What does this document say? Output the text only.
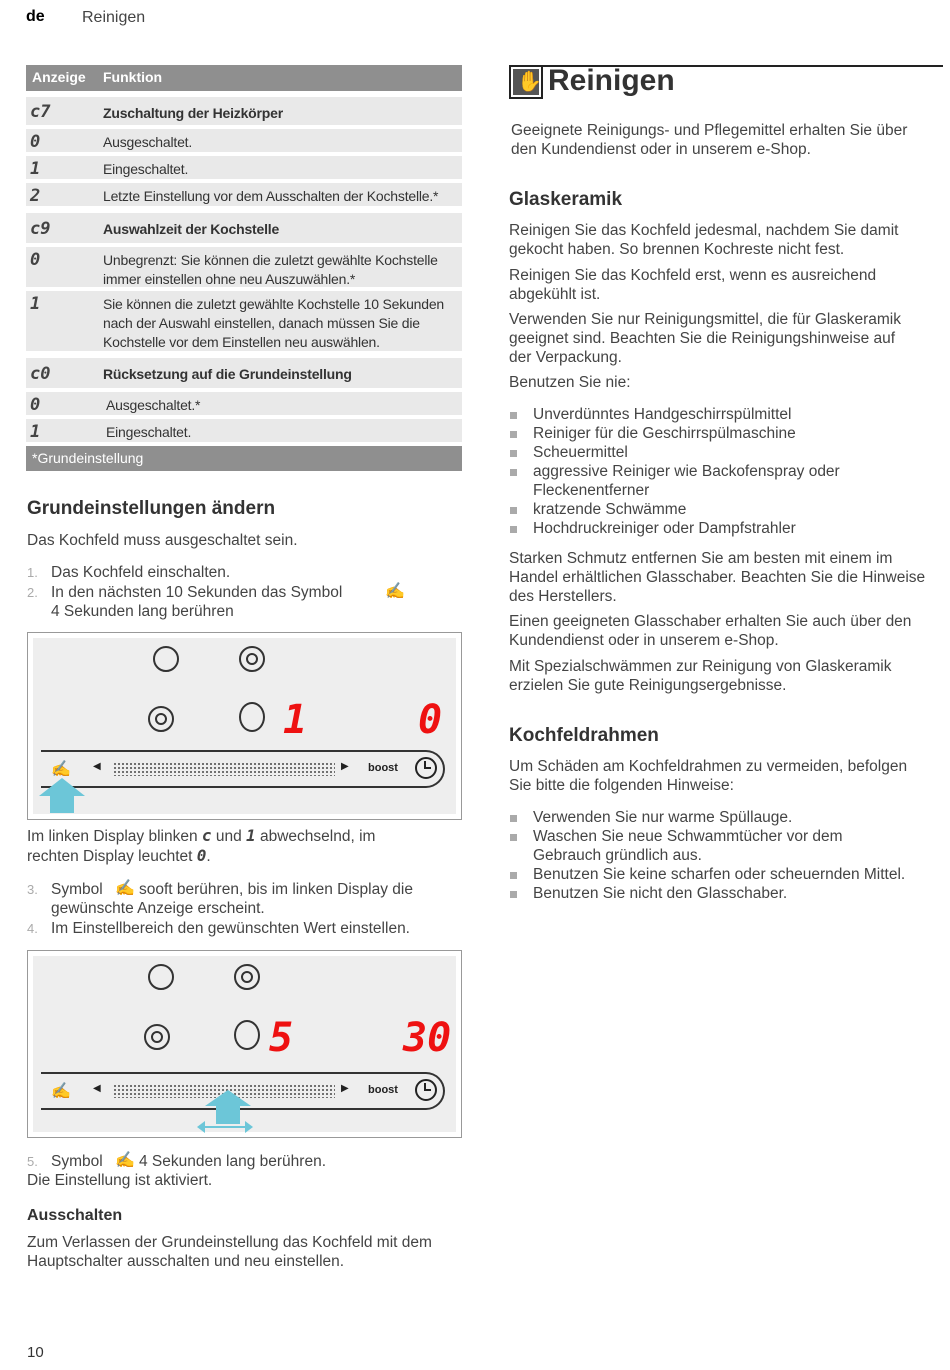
de Reinigen
Anzeige Funktion
c7	Zuschaltung der Heizkörper
0	Ausgeschaltet.
1	Eingeschaltet.
2	Letzte Einstellung vor dem Ausschalten der Kochstelle.*
c9	Auswahlzeit der Kochstelle
0	Unbegrenzt: Sie können die zuletzt gewählte Kochstelle immer einstellen ohne neu Auszuwählen.*
1	Sie können die zuletzt gewählte Kochstelle 10 Sekunden nach der Auswahl einstellen, danach müssen Sie die Kochstelle vor dem Einstellen neu auswählen.
c0	Rücksetzung auf die Grundeinstellung
0	Ausgeschaltet.*
1	Eingeschaltet.
*Grundeinstellung
Grundeinstellungen ändern
Das Kochfeld muss ausgeschaltet sein.
1. Das Kochfeld einschalten.
2. In den nächsten 10 Sekunden das Symbol	✍
4 Sekunden lang berühren
1	0
✍ ◀	▶ boost
Im linken Display blinken c und 1 abwechselnd, im
rechten Display leuchtet 0.
3. Symbol ✍ sooft berühren, bis im linken Display die
gewünschte Anzeige erscheint.
4. Im Einstellbereich den gewünschten Wert einstellen.
5	30
✍ ◀	▶ boost
5. Symbol ✍ 4 Sekunden lang berühren.
Die Einstellung ist aktiviert.
Ausschalten
Zum Verlassen der Grundeinstellung das Kochfeld mit dem Hauptschalter ausschalten und neu einstellen.
10
✋ Reinigen
Geeignete Reinigungs- und Pflegemittel erhalten Sie über den Kundendienst oder in unserem e-Shop.
Glaskeramik
Reinigen Sie das Kochfeld jedesmal, nachdem Sie damit gekocht haben. So brennen Kochreste nicht fest.
Reinigen Sie das Kochfeld erst, wenn es ausreichend abgekühlt ist.
Verwenden Sie nur Reinigungsmittel, die für Glaskeramik geeignet sind. Beachten Sie die Reinigungshinweise auf der Verpackung.
Benutzen Sie nie:
Unverdünntes Handgeschirrspülmittel
Reiniger für die Geschirrspülmaschine
Scheuermittel
aggressive Reiniger wie Backofenspray oder Fleckenentferner
kratzende Schwämme
Hochdruckreiniger oder Dampfstrahler
Starken Schmutz entfernen Sie am besten mit einem im Handel erhältlichen Glasschaber. Beachten Sie die Hinweise des Herstellers.
Einen geeigneten Glasschaber erhalten Sie auch über den Kundendienst oder in unserem e-Shop.
Mit Spezialschwämmen zur Reinigung von Glaskeramik erzielen Sie gute Reinigungsergebnisse.
Kochfeldrahmen
Um Schäden am Kochfeldrahmen zu vermeiden, befolgen Sie bitte die folgenden Hinweise:
Verwenden Sie nur warme Spüllauge.
Waschen Sie neue Schwammtücher vor dem Gebrauch gründlich aus.
Benutzen Sie keine scharfen oder scheuernden Mittel.
Benutzen Sie nicht den Glasschaber.
